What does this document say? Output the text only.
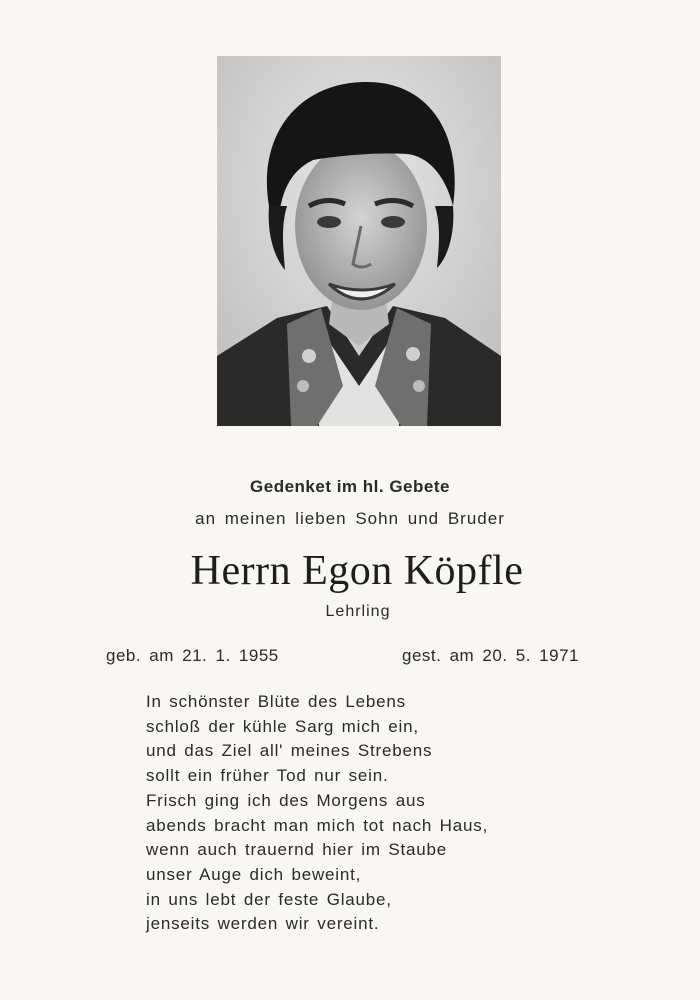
Gedenket im hl. Gebete
an meinen lieben Sohn und Bruder
Herrn Egon Köpfle
Lehrling
geb. am 21. 1. 1955	gest. am 20. 5. 1971
In schönster Blüte des Lebens
schloß der kühle Sarg mich ein,
und das Ziel all' meines Strebens
sollt ein früher Tod nur sein.
Frisch ging ich des Morgens aus
abends bracht man mich tot nach Haus,
wenn auch trauernd hier im Staube
unser Auge dich beweint,
in uns lebt der feste Glaube,
jenseits werden wir vereint.
